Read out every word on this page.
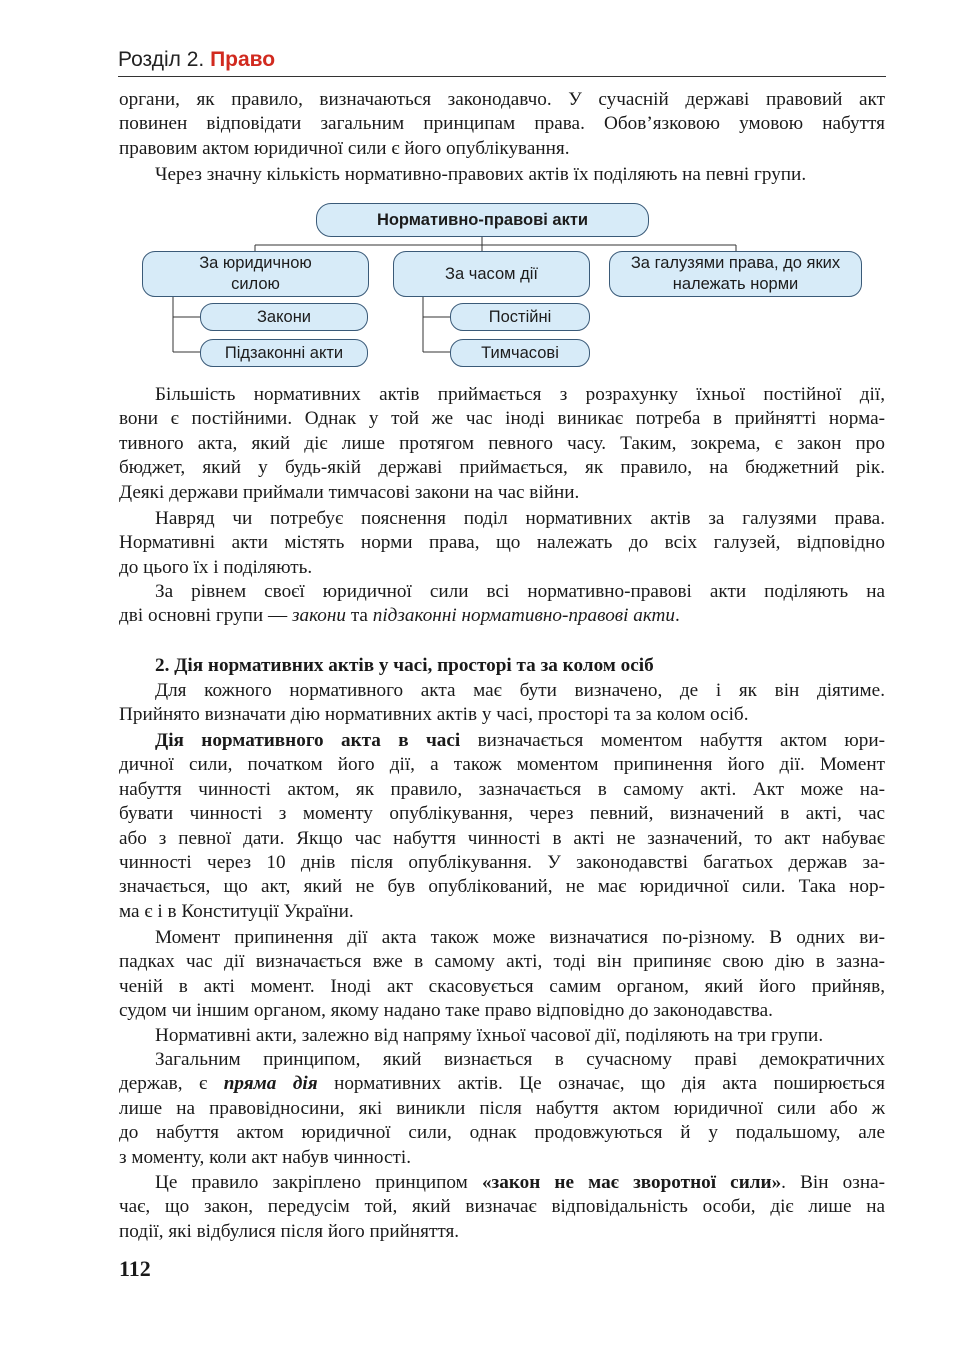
Розділ 2. Право
органи, як правило, визначаються законодавчо. У сучасній державі правовий акт
повинен відповідати загальним принципам права. Обов’язковою умовою набуття
правовим актом юридичної сили є його опублікування.
Через значну кількість нормативно-правових актів їх поділяють на певні групи.
Нормативно-правові акти
За юридичною
силою
За часом дії
За галузями права, до яких
належать норми
Закони
Підзаконні акти
Постійні
Тимчасові
Більшість нормативних актів приймається з розрахунку їхньої постійної дії,
вони є постійними. Однак у той же час іноді виникає потреба в прийнятті норма-
тивного акта, який діє лише протягом певного часу. Таким, зокрема, є закон про
бюджет, який у будь-якій державі приймається, як правило, на бюджетний рік.
Деякі держави приймали тимчасові закони на час війни.
Навряд чи потребує пояснення поділ нормативних актів за галузями права.
Нормативні акти містять норми права, що належать до всіх галузей, відповідно
до цього їх і поділяють.
За рівнем своєї юридичної сили всі нормативно-правові акти поділяють на
дві основні групи — закони та підзаконні нормативно-правові акти.
2. Дія нормативних актів у часі, просторі та за колом осіб
Для кожного нормативного акта має бути визначено, де і як він діятиме.
Прийнято визначати дію нормативних актів у часі, просторі та за колом осіб.
Дія нормативного акта в часі визначається моментом набуття актом юри-
дичної сили, початком його дії, а також моментом припинення його дії. Момент
набуття чинності актом, як правило, зазначається в самому акті. Акт може на-
бувати чинності з моменту опублікування, через певний, визначений в акті, час
або з певної дати. Якщо час набуття чинності в акті не зазначений, то акт набуває
чинності через 10 днів після опублікування. У законодавстві багатьох держав за-
значається, що акт, який не був опублікований, не має юридичної сили. Така нор-
ма є і в Конституції України.
Момент припинення дії акта також може визначатися по-різному. В одних ви-
падках час дії визначається вже в самому акті, тоді він припиняє свою дію в зазна-
ченій в акті момент. Іноді акт скасовується самим органом, який його прийняв,
судом чи іншим органом, якому надано таке право відповідно до законодавства.
Нормативні акти, залежно від напряму їхньої часової дії, поділяють на три групи.
Загальним принципом, який визнається в сучасному праві демократичних
держав, є пряма дія нормативних актів. Це означає, що дія акта поширюється
лише на правовідносини, які виникли після набуття актом юридичної сили або ж
до набуття актом юридичної сили, однак продовжуються й у подальшому, але
з моменту, коли акт набув чинності.
Це правило закріплено принципом «закон не має зворотної сили». Він озна-
чає, що закон, передусім той, який визначає відповідальність особи, діє лише на
події, які відбулися після його прийняття.
112
